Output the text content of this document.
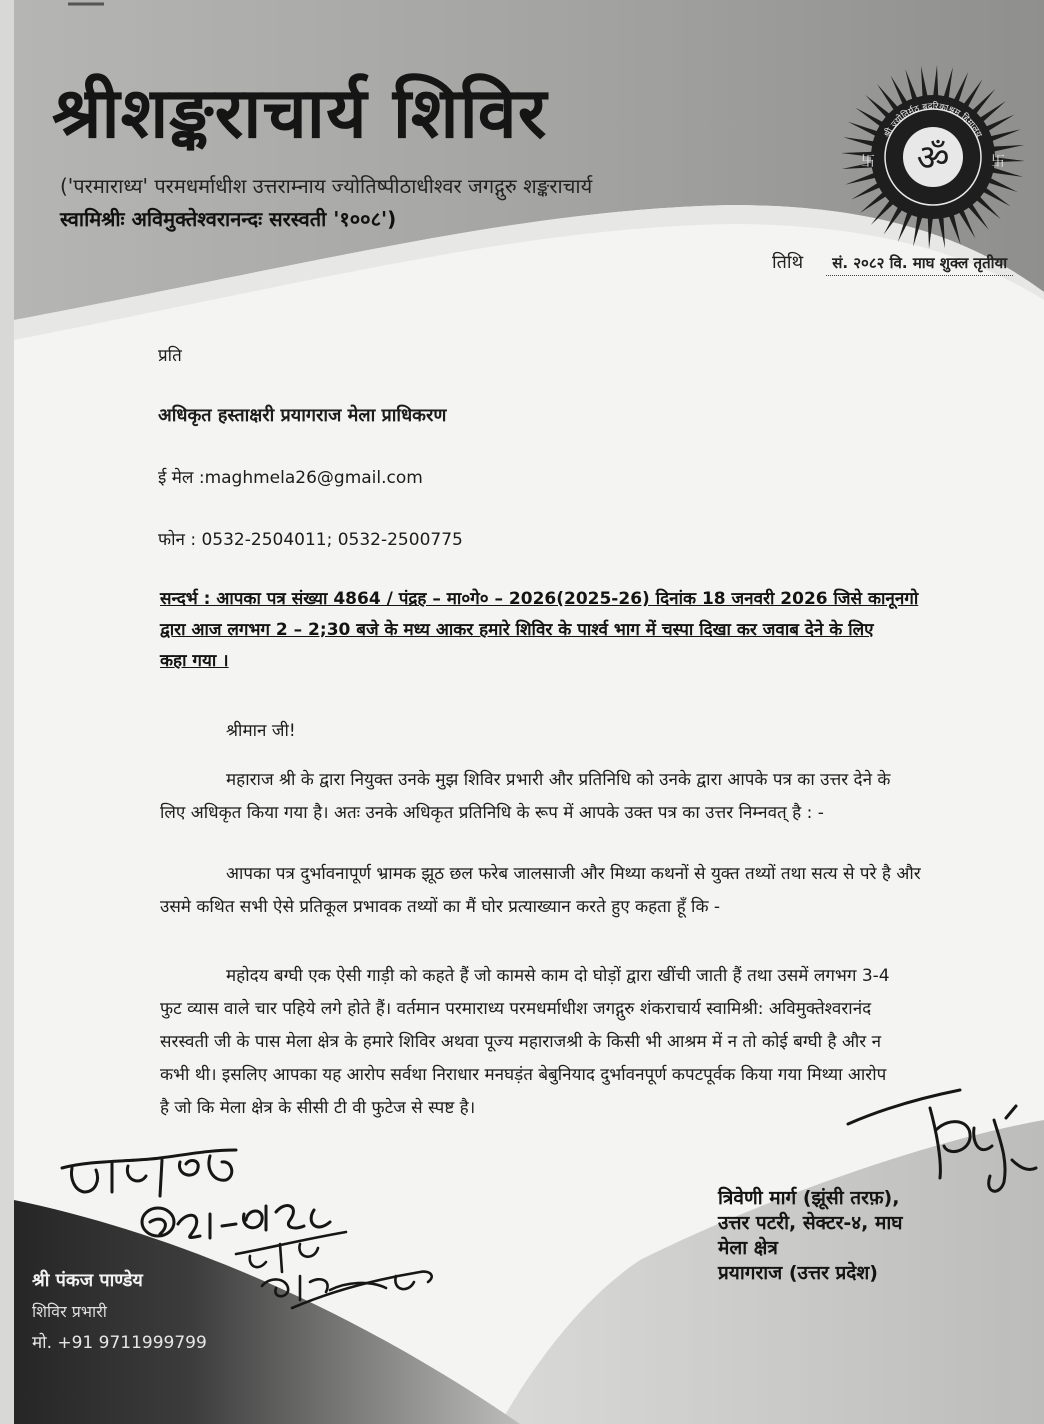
श्रीशङ्कराचार्य शिविर
('परमाराध्य' परमधर्माधीश उत्तराम्नाय ज्योतिष्पीठाधीश्वर जगद्गुरु शङ्कराचार्य
स्वामिश्रीः अविमुक्तेश्वरानन्दः सरस्वती '१००८')
ॐ
卐	卐
श्री ज्योतिर्मठ बदरिकाश्रम हिमालय
तिथि सं. २०८२ वि. माघ शुक्ल तृतीया
प्रति
अधिकृत हस्ताक्षरी प्रयागराज मेला प्राधिकरण
ई मेल :maghmela26@gmail.com
फोन : 0532-2504011; 0532-2500775
सन्दर्भ : आपका पत्र संख्या 4864 / पंद्रह – मा०गे० – 2026(2025-26) दिनांक 18 जनवरी 2026 जिसे कानूनगो
द्वारा आज लगभग 2 – 2;30 बजे के मध्य आकर हमारे शिविर के पार्श्व भाग में चस्पा दिखा कर जवाब देने के लिए
कहा गया ।
श्रीमान जी!
महाराज श्री के द्वारा नियुक्त उनके मुझ शिविर प्रभारी और प्रतिनिधि को उनके द्वारा आपके पत्र का उत्तर देने के
लिए अधिकृत किया गया है। अतः उनके अधिकृत प्रतिनिधि के रूप में आपके उक्त पत्र का उत्तर निम्नवत् है : -
आपका पत्र दुर्भावनापूर्ण भ्रामक झूठ छल फरेब जालसाजी और मिथ्या कथनों से युक्त तथ्यों तथा सत्य से परे है और
उसमे कथित सभी ऐसे प्रतिकूल प्रभावक तथ्यों का मैं घोर प्रत्याख्यान करते हुए कहता हूँ कि -
महोदय बग्घी एक ऐसी गाड़ी को कहते हैं जो कामसे काम दो घोड़ों द्वारा खींची जाती हैं तथा उसमें लगभग 3-4
फुट व्यास वाले चार पहिये लगे होते हैं। वर्तमान परमाराध्य परमधर्माधीश जगद्गुरु शंकराचार्य स्वामिश्री: अविमुक्तेश्वरानंद
सरस्वती जी के पास मेला क्षेत्र के हमारे शिविर अथवा पूज्य महाराजश्री के किसी भी आश्रम में न तो कोई बग्घी है और न
कभी थी। इसलिए आपका यह आरोप सर्वथा निराधार मनघड़ंत बेबुनियाद दुर्भावनपूर्ण कपटपूर्वक किया गया मिथ्या आरोप
है जो कि मेला क्षेत्र के सीसी टी वी फुटेज से स्पष्ट है।
त्रिवेणी मार्ग (झूंसी तरफ़),
उत्तर पटरी, सेक्टर-४, माघ
मेला क्षेत्र
प्रयागराज (उत्तर प्रदेश)
श्री पंकज पाण्डेय
शिविर प्रभारी
मो. +91 9711999799
